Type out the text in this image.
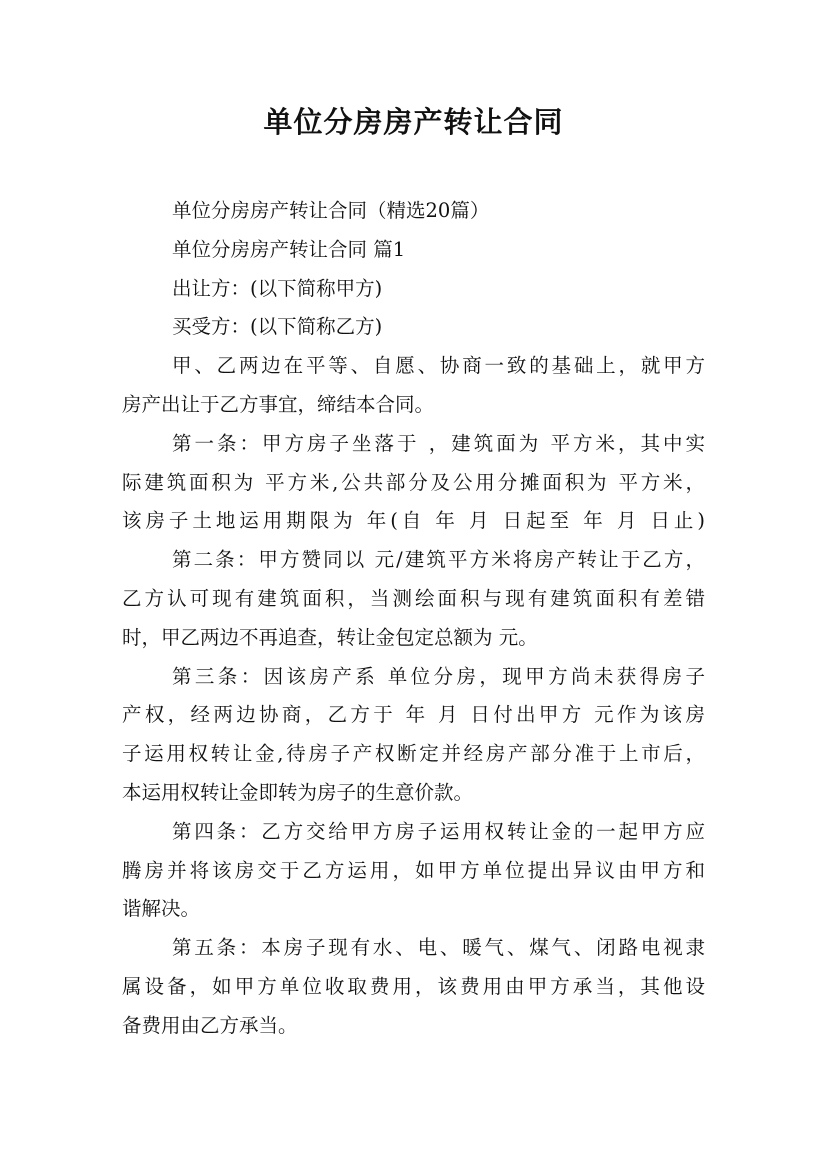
单位分房房产转让合同
单位分房房产转让合同（精选20篇）
单位分房房产转让合同 篇1
出让方：(以下简称甲方)
买受方：(以下简称乙方)
甲、乙两边在平等、自愿、协商一致的基础上，就甲方
房产出让于乙方事宜，缔结本合同。
第一条：甲方房子坐落于 ，建筑面为 平方米，其中实
际建筑面积为 平方米,公共部分及公用分摊面积为 平方米，
该房子土地运用期限为 年(自 年 月 日起至 年 月 日止)
第二条：甲方赞同以 元/建筑平方米将房产转让于乙方，
乙方认可现有建筑面积，当测绘面积与现有建筑面积有差错
时，甲乙两边不再追查，转让金包定总额为 元。
第三条：因该房产系 单位分房，现甲方尚未获得房子
产权，经两边协商，乙方于 年 月 日付出甲方 元作为该房
子运用权转让金,待房子产权断定并经房产部分准于上市后，
本运用权转让金即转为房子的生意价款。
第四条：乙方交给甲方房子运用权转让金的一起甲方应
腾房并将该房交于乙方运用，如甲方单位提出异议由甲方和
谐解决。
第五条：本房子现有水、电、暖气、煤气、闭路电视隶
属设备，如甲方单位收取费用，该费用由甲方承当，其他设
备费用由乙方承当。
